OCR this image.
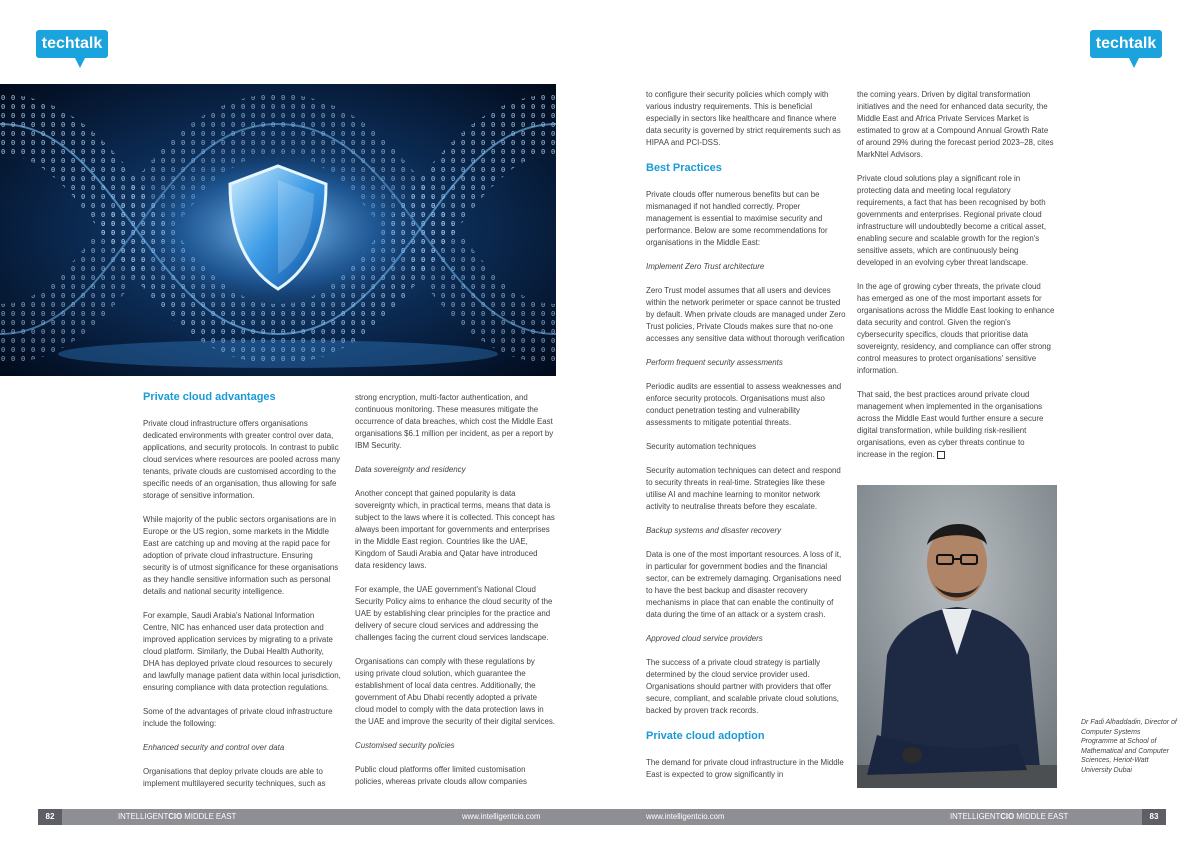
techtalk	techtalk
Private cloud advantages

Private cloud infrastructure offers organisations dedicated environments with greater control over data, applications, and security protocols. In contrast to public cloud services where resources are pooled across many tenants, private clouds are customised according to the specific needs of an organisation, thus allowing for safe storage of sensitive information.

While majority of the public sectors organisations are in Europe or the US region, some markets in the Middle East are catching up and moving at the rapid pace for adoption of private cloud infrastructure. Ensuring security is of utmost significance for these organisations as they handle sensitive information such as personal details and national security intelligence.

For example, Saudi Arabia's National Information Centre, NIC has enhanced user data protection and improved application services by migrating to a private cloud platform. Similarly, the Dubai Health Authority, DHA has deployed private cloud resources to securely and lawfully manage patient data within local jurisdiction, ensuring compliance with data protection regulations.

Some of the advantages of private cloud infrastructure include the following:

Enhanced security and control over data

Organisations that deploy private clouds are able to implement multilayered security techniques, such as

strong encryption, multi-factor authentication, and continuous monitoring. These measures mitigate the occurrence of data breaches, which cost the Middle East organisations $6.1 million per incident, as per a report by IBM Security.

Data sovereignty and residency

Another concept that gained popularity is data sovereignty which, in practical terms, means that data is subject to the laws where it is collected. This concept has always been important for governments and enterprises in the Middle East region. Countries like the UAE, Kingdom of Saudi Arabia and Qatar have introduced data residency laws.

For example, the UAE government's National Cloud Security Policy aims to enhance the cloud security of the UAE by establishing clear principles for the practice and delivery of secure cloud services and addressing the challenges facing the current cloud services landscape.

Organisations can comply with these regulations by using private cloud solution, which guarantee the establishment of local data centres. Additionally, the government of Abu Dhabi recently adopted a private cloud model to comply with the data protection laws in the UAE and improve the security of their digital services.

Customised security policies

Public cloud platforms offer limited customisation policies, whereas private clouds allow companies

to configure their security policies which comply with various industry requirements. This is beneficial especially in sectors like healthcare and finance where data security is governed by strict requirements such as HIPAA and PCI-DSS.

Best Practices

Private clouds offer numerous benefits but can be mismanaged if not handled correctly. Proper management is essential to maximise security and performance. Below are some recommendations for organisations in the Middle East:

Implement Zero Trust architecture

Zero Trust model assumes that all users and devices within the network perimeter or space cannot be trusted by default. When private clouds are managed under Zero Trust policies, Private Clouds makes sure that no-one accesses any sensitive data without thorough verification

Perform frequent security assessments

Periodic audits are essential to assess weaknesses and enforce security protocols. Organisations must also conduct penetration testing and vulnerability assessments to mitigate potential threats.

Security automation techniques

Security automation techniques can detect and respond to security threats in real-time. Strategies like these utilise AI and machine learning to monitor network activity to neutralise threats before they escalate.

Backup systems and disaster recovery

Data is one of the most important resources. A loss of it, in particular for government bodies and the financial sector, can be extremely damaging. Organisations need to have the best backup and disaster recovery mechanisms in place that can enable the continuity of data during the time of an attack or a system crash.

Approved cloud service providers

The success of a private cloud strategy is partially determined by the cloud service provider used. Organisations should partner with providers that offer secure, compliant, and scalable private cloud solutions, backed by proven track records.

Private cloud adoption

The demand for private cloud infrastructure in the Middle East is expected to grow significantly in

the coming years. Driven by digital transformation initiatives and the need for enhanced data security, the Middle East and Africa Private Services Market is estimated to grow at a Compound Annual Growth Rate of around 29% during the forecast period 2023–28, cites MarkNtel Advisors.

Private cloud solutions play a significant role in protecting data and meeting local regulatory requirements, a fact that has been recognised by both governments and enterprises. Regional private cloud infrastructure will undoubtedly become a critical asset, enabling secure and scalable growth for the region's sensitive assets, which are continuously being developed in an evolving cyber threat landscape.

In the age of growing cyber threats, the private cloud has emerged as one of the most important assets for organisations across the Middle East looking to enhance data security and control. Given the region's cybersecurity specifics, clouds that prioritise data sovereignty, residency, and compliance can offer strong control measures to protect organisations' sensitive information.

That said, the best practices around private cloud management when implemented in the organisations across the Middle East would further ensure a secure digital transformation, while building risk-resilient organisations, even as cyber threats continue to increase in the region.

Dr Fadi Alhaddadin, Director of Computer Systems Programme at School of Mathematical and Computer Sciences, Heriot-Watt University Dubai
INTELLIGENTCIO MIDDLE EAST	www.intelligentcio.com	www.intelligentcio.com	INTELLIGENTCIO MIDDLE EAST
82	83
